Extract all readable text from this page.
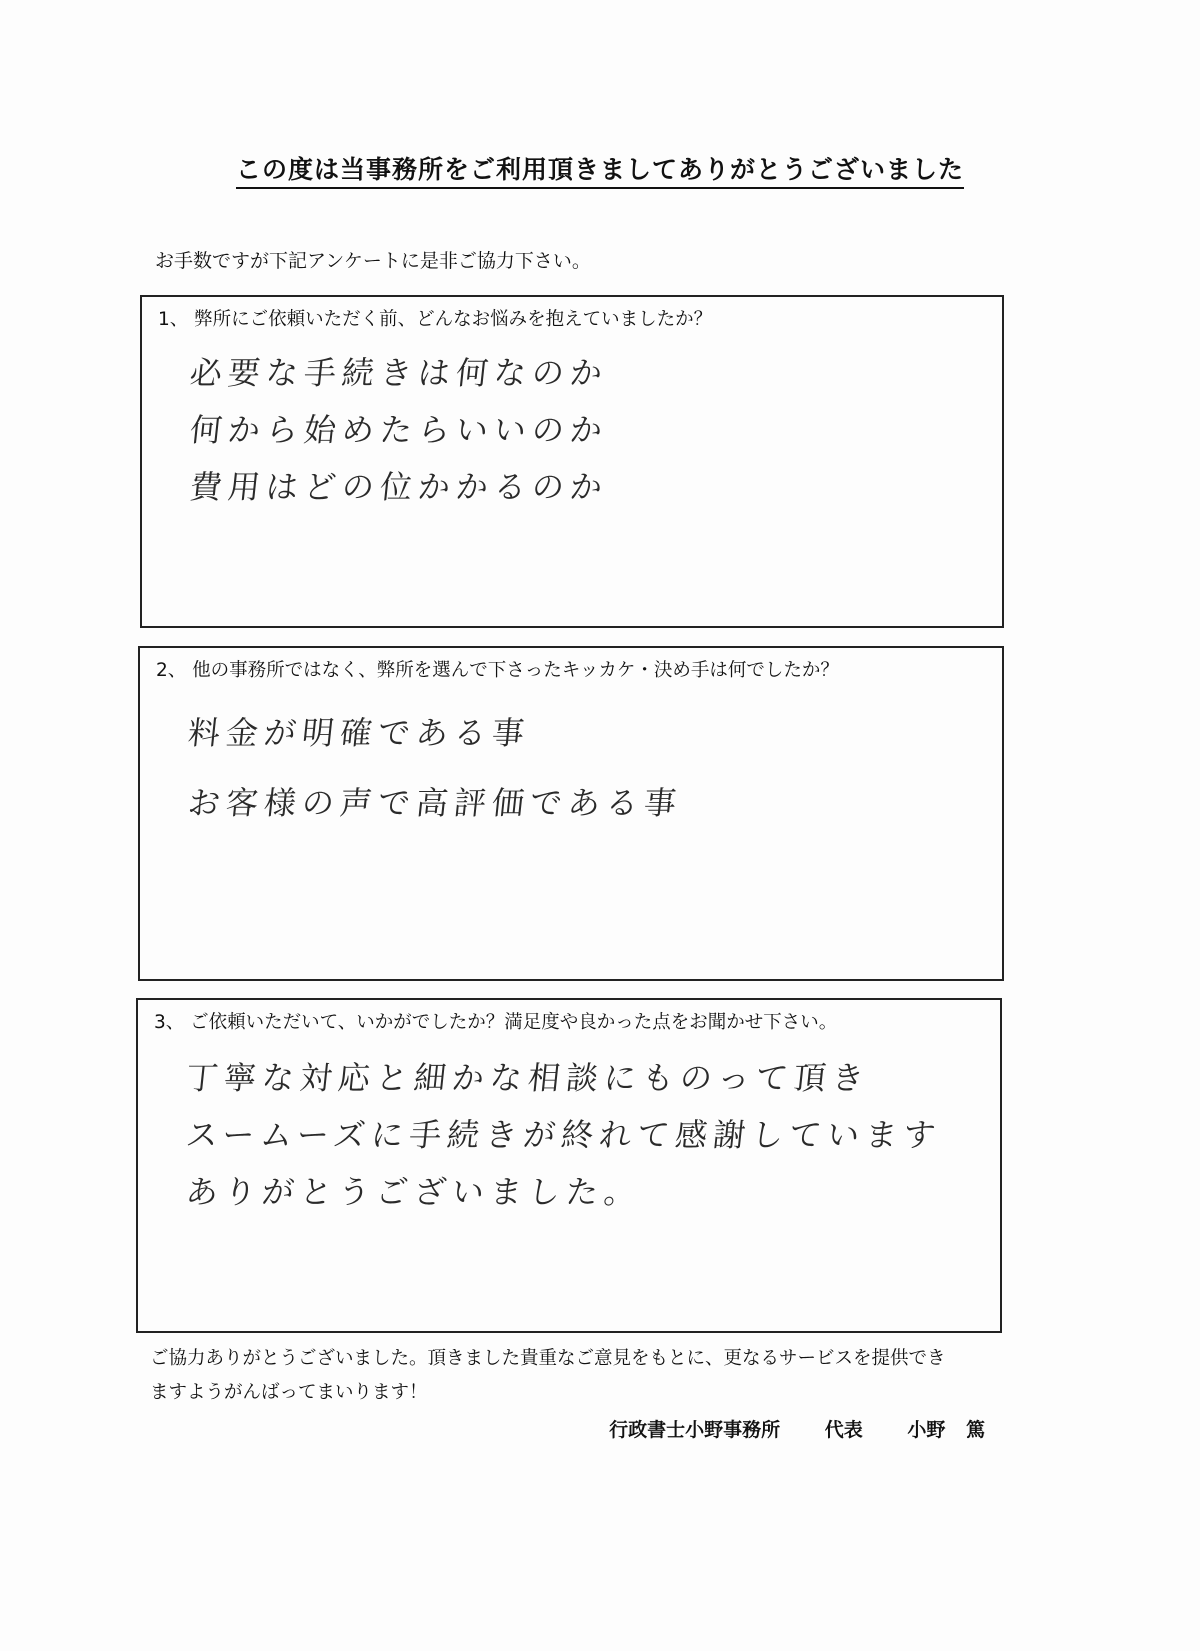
この度は当事務所をご利用頂きましてありがとうございました
お手数ですが下記アンケートに是非ご協力下さい。
1、 弊所にご依頼いただく前、どんなお悩みを抱えていましたか？
必要な手続きは何なのか
何から始めたらいいのか
費用はどの位かかるのか
2、 他の事務所ではなく、弊所を選んで下さったキッカケ・決め手は何でしたか？
料金が明確である事
お客様の声で高評価である事
3、 ご依頼いただいて、いかがでしたか？満足度や良かった点をお聞かせ下さい。
丁寧な対応と細かな相談にものって頂き
スームーズに手続きが終れて感謝しています
ありがとうございました。
ご協力ありがとうございました。頂きました貴重なご意見をもとに、更なるサービスを提供でき
ますようがんばってまいります！
行政書士小野事務所 代表 小野 篤
